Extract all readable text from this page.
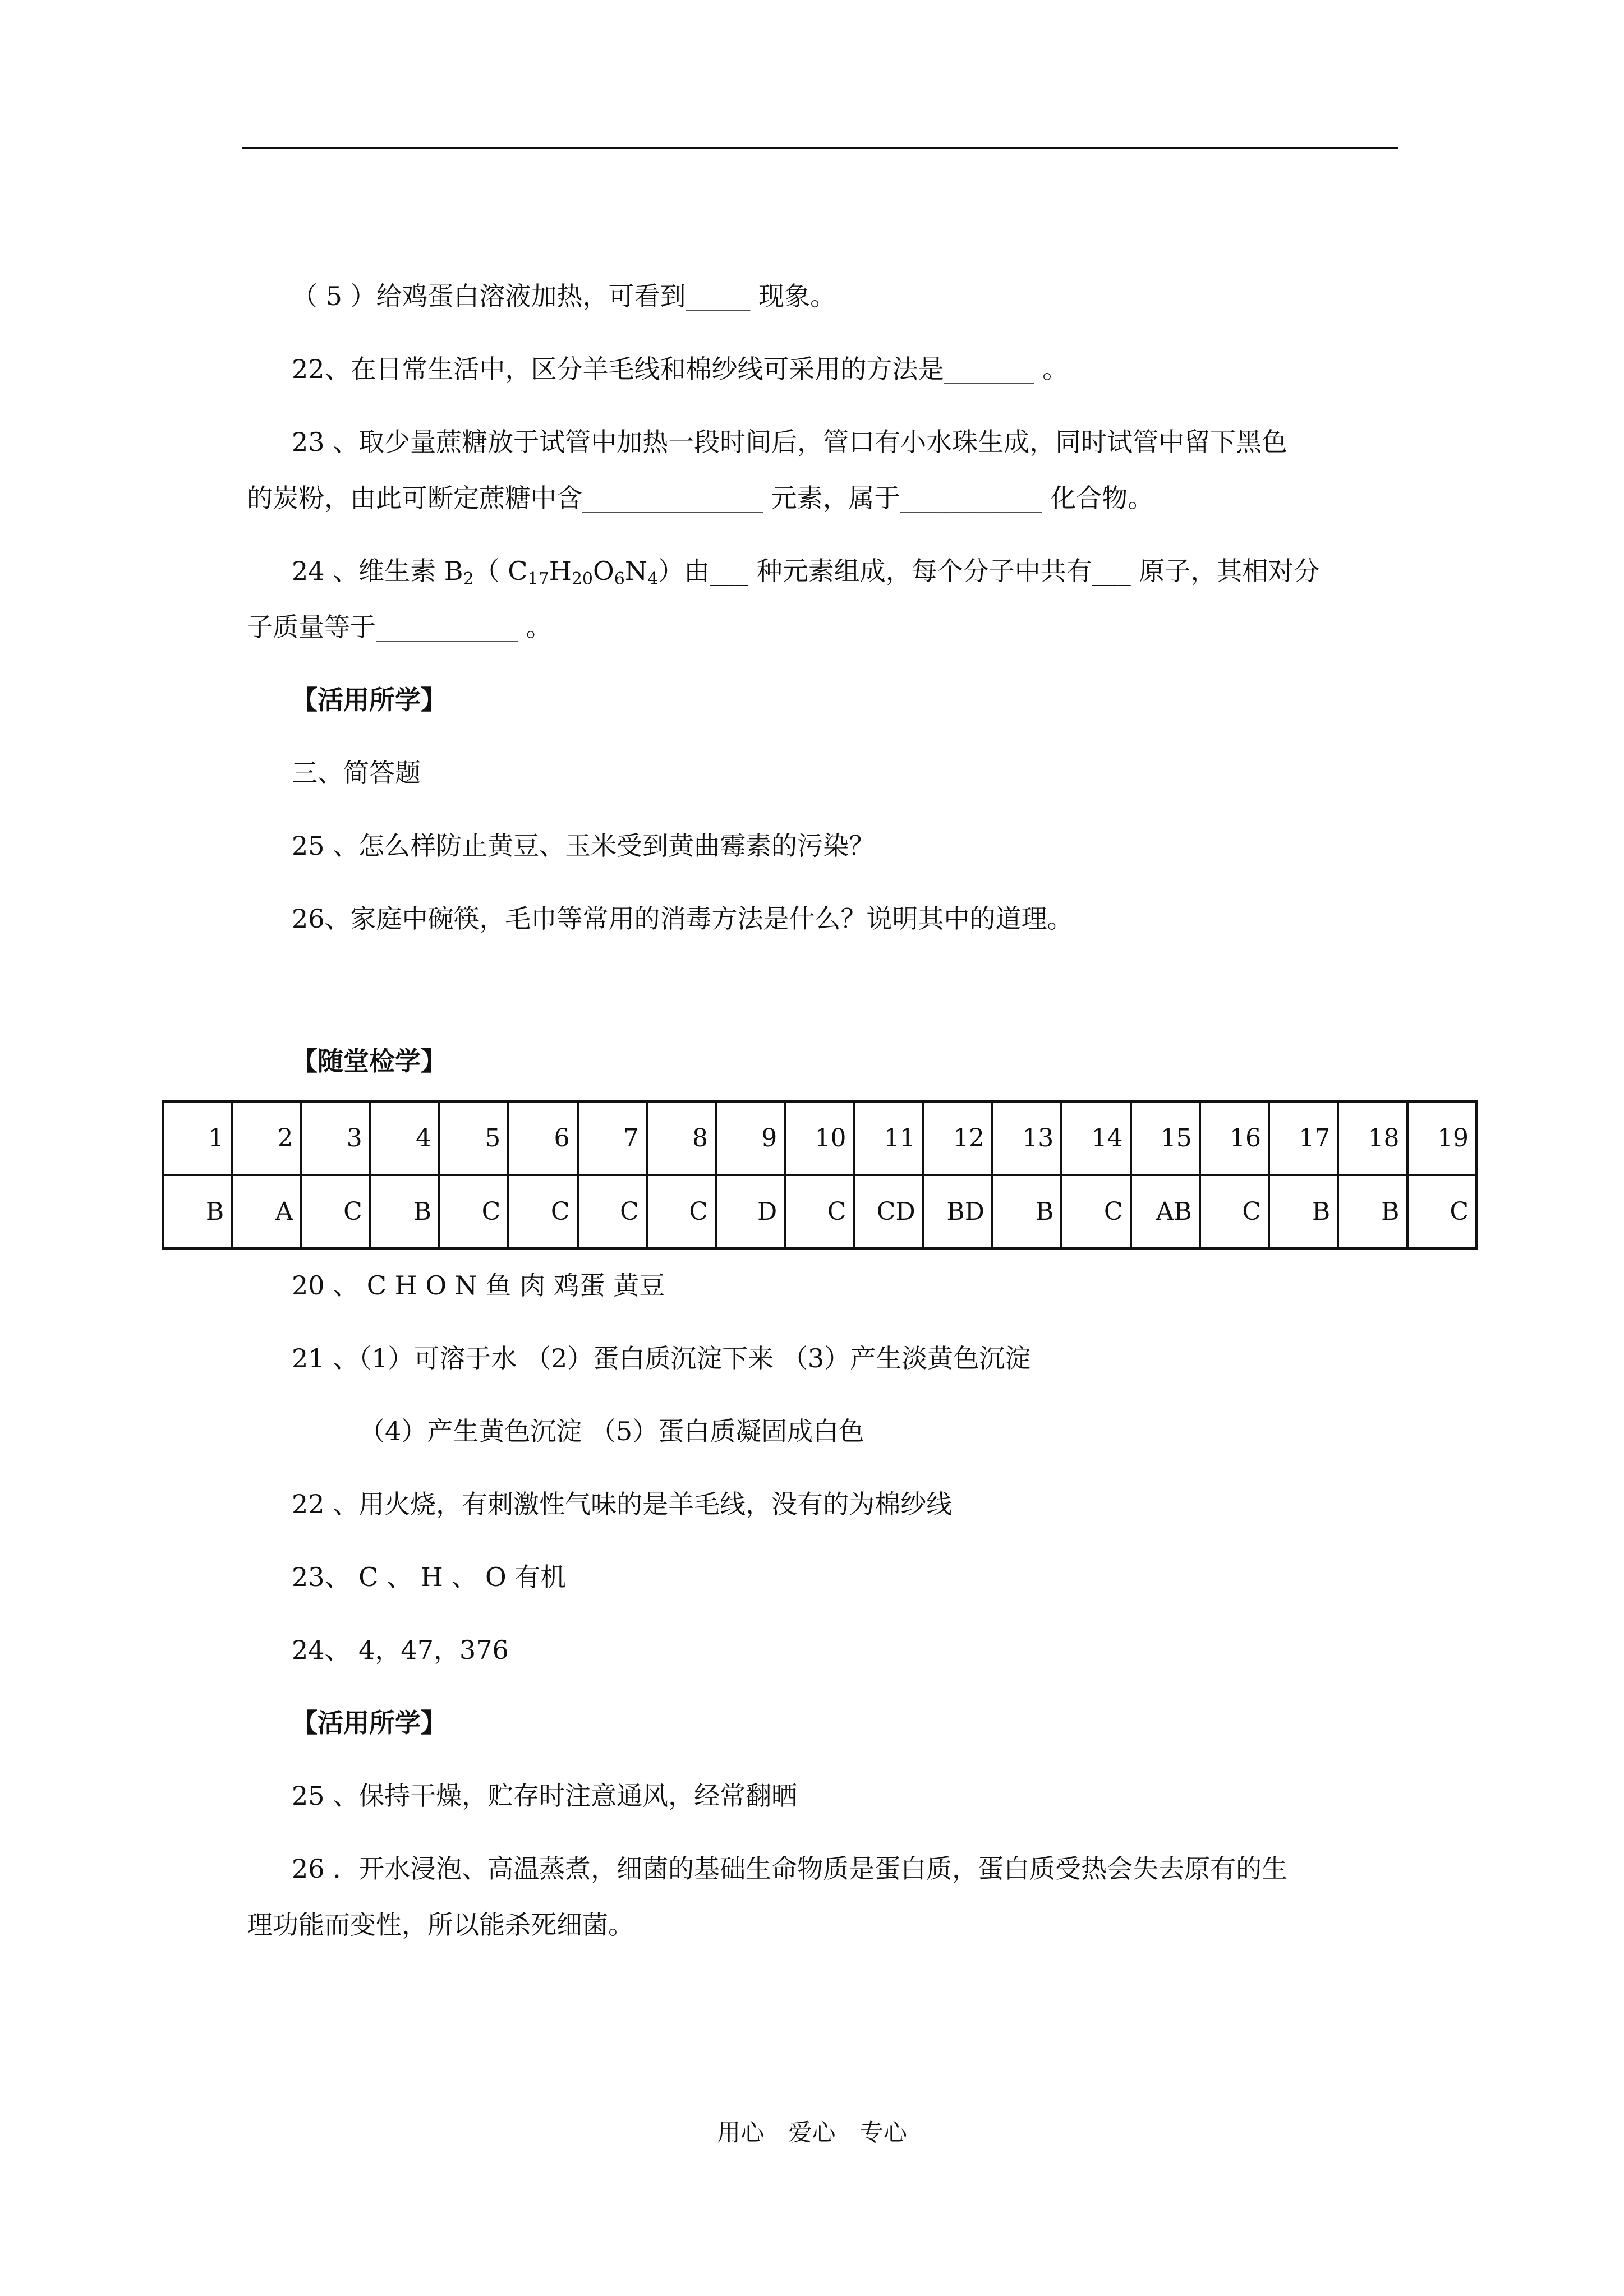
（ 5 ）给鸡蛋白溶液加热，可看到_____ 现象。
22、在日常生活中，区分羊毛线和棉纱线可采用的方法是_______ 。
23 、取少量蔗糖放于试管中加热一段时间后，管口有小水珠生成，同时试管中留下黑色
的炭粉，由此可断定蔗糖中含______________ 元素，属于___________ 化合物。
24 、维生素 $B_2$（ $C_{17}H_{20}O_6N_4$）由___ 种元素组成，每个分子中共有___ 原子，其相对分
子质量等于___________ 。
【活用所学】
三、简答题
25 、怎么样防止黄豆、玉米受到黄曲霉素的污染？
26、家庭中碗筷，毛巾等常用的消毒方法是什么？说明其中的道理。
【随堂检学】
1	2	3	4	5	6	7	8	9	10	11	12	13	14	15	16	17	18	19
B	A	C	B	C	C	C	C	D	C	CD	BD	B	C	AB	C	B	B	C
20 、 C H O N 鱼 肉 鸡蛋 黄豆
21 、（1）可溶于水 （2）蛋白质沉淀下来 （3）产生淡黄色沉淀
（4）产生黄色沉淀 （5）蛋白质凝固成白色
22 、用火烧，有刺激性气味的是羊毛线，没有的为棉纱线
23、 C 、 H 、 O 有机
24、 4，47，376
【活用所学】
25 、保持干燥，贮存时注意通风，经常翻晒
26 ．开水浸泡、高温蒸煮，细菌的基础生命物质是蛋白质，蛋白质受热会失去原有的生
理功能而变性，所以能杀死细菌。
用心 爱心 专心
